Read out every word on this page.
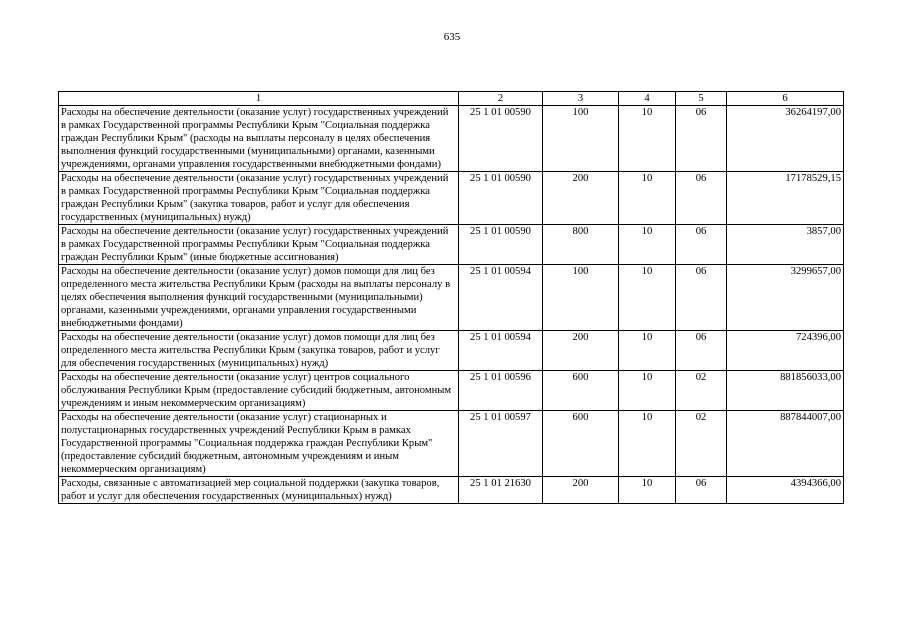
635
1	2	3	4	5	6
Расходы на обеспечение деятельности (оказание услуг) государственных учреждений в рамках Государственной программы Республики Крым "Социальная поддержка граждан Республики Крым" (расходы на выплаты персоналу в целях обеспечения выполнения функций государственными (муниципальными) органами, казенными учреждениями, органами управления государственными внебюджетными фондами)	25 1 01 00590	100	10	06	36264197,00
Расходы на обеспечение деятельности (оказание услуг) государственных учреждений в рамках Государственной программы Республики Крым "Социальная поддержка граждан Республики Крым" (закупка товаров, работ и услуг для обеспечения государственных (муниципальных) нужд)	25 1 01 00590	200	10	06	17178529,15
Расходы на обеспечение деятельности (оказание услуг) государственных учреждений в рамках Государственной программы Республики Крым "Социальная поддержка граждан Республики Крым" (иные бюджетные ассигнования)	25 1 01 00590	800	10	06	3857,00
Расходы на обеспечение деятельности (оказание услуг) домов помощи для лиц без определенного места жительства Республики Крым (расходы на выплаты персоналу в целях обеспечения выполнения функций государственными (муниципальными) органами, казенными учреждениями, органами управления государственными внебюджетными фондами)	25 1 01 00594	100	10	06	3299657,00
Расходы на обеспечение деятельности (оказание услуг) домов помощи для лиц без определенного места жительства Республики Крым (закупка товаров, работ и услуг для обеспечения государственных (муниципальных) нужд)	25 1 01 00594	200	10	06	724396,00
Расходы на обеспечение деятельности (оказание услуг) центров социального обслуживания Республики Крым (предоставление субсидий бюджетным, автономным учреждениям и иным некоммерческим организациям)	25 1 01 00596	600	10	02	881856033,00
Расходы на обеспечение деятельности (оказание услуг) стационарных и полустационарных государственных учреждений Республики Крым в рамках Государственной программы "Социальная поддержка граждан Республики Крым" (предоставление субсидий бюджетным, автономным учреждениям и иным некоммерческим организациям)	25 1 01 00597	600	10	02	887844007,00
Расходы, связанные с автоматизацией мер социальной поддержки (закупка товаров, работ и услуг для обеспечения государственных (муниципальных) нужд)	25 1 01 21630	200	10	06	4394366,00
